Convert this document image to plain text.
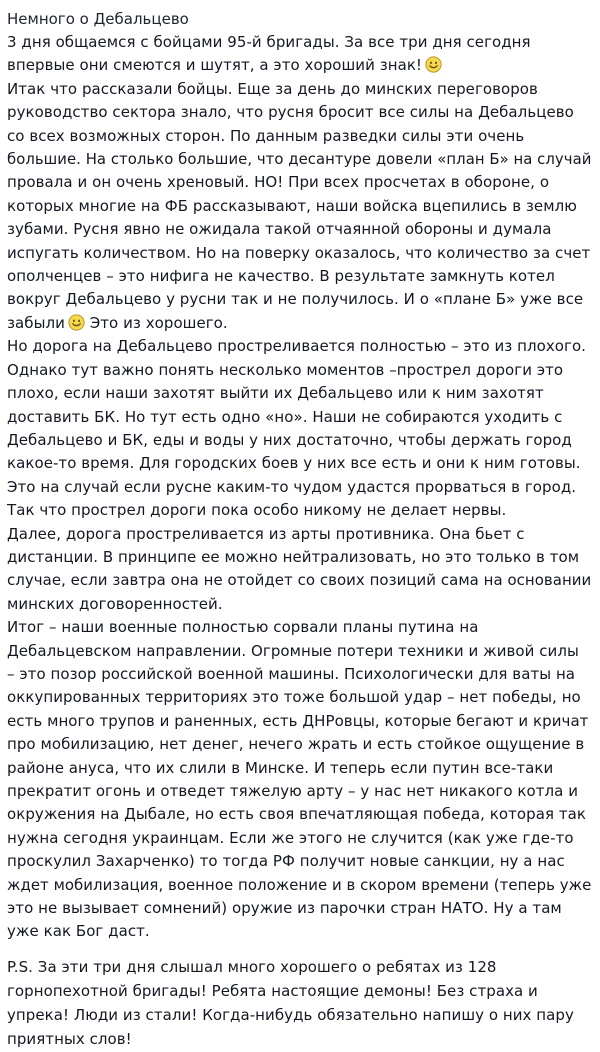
Немного о Дебальцево
3 дня общаемся с бойцами 95-й бригады. За все три дня сегодня
впервые они смеются и шутят, а это хороший знак!
Итак что рассказали бойцы. Еще за день до минских переговоров
руководство сектора знало, что русня бросит все силы на Дебальцево
со всех возможных сторон. По данным разведки силы эти очень
большие. На столько большие, что десантуре довели «план Б» на случай
провала и он очень хреновый. НО! При всех просчетах в обороне, о
которых многие на ФБ рассказывают, наши войска вцепились в землю
зубами. Русня явно не ожидала такой отчаянной обороны и думала
испугать количеством. Но на поверку оказалось, что количество за счет
ополченцев – это нифига не качество. В результате замкнуть котел
вокруг Дебальцево у русни так и не получилось. И о «плане Б» уже все
забыли Это из хорошего.
Но дорога на Дебальцево простреливается полностью – это из плохого.
Однако тут важно понять несколько моментов –прострел дороги это
плохо, если наши захотят выйти их Дебальцево или к ним захотят
доставить БК. Но тут есть одно «но». Наши не собираются уходить с
Дебальцево и БК, еды и воды у них достаточно, чтобы держать город
какое-то время. Для городских боев у них все есть и они к ним готовы.
Это на случай если русне каким-то чудом удастся прорваться в город.
Так что прострел дороги пока особо никому не делает нервы.
Далее, дорога простреливается из арты противника. Она бьет с
дистанции. В принципе ее можно нейтрализовать, но это только в том
случае, если завтра она не отойдет со своих позиций сама на основании
минских договоренностей.
Итог – наши военные полностью сорвали планы путина на
Дебальцевском направлении. Огромные потери техники и живой силы
– это позор российской военной машины. Психологически для ваты на
оккупированных территориях это тоже большой удар – нет победы, но
есть много трупов и раненных, есть ДНРовцы, которые бегают и кричат
про мобилизацию, нет денег, нечего жрать и есть стойкое ощущение в
районе ануса, что их слили в Минске. И теперь если путин все-таки
прекратит огонь и отведет тяжелую арту – у нас нет никакого котла и
окружения на Дыбале, но есть своя впечатляющая победа, которая так
нужна сегодня украинцам. Если же этого не случится (как уже где-то
проскулил Захарченко) то тогда РФ получит новые санкции, ну а нас
ждет мобилизация, военное положение и в скором времени (теперь уже
это не вызывает сомнений) оружие из парочки стран НАТО. Ну а там
уже как Бог даст.
P.S. За эти три дня слышал много хорошего о ребятах из 128
горнопехотной бригады! Ребята настоящие демоны! Без страха и
упрека! Люди из стали! Когда-нибудь обязательно напишу о них пару
приятных слов!
